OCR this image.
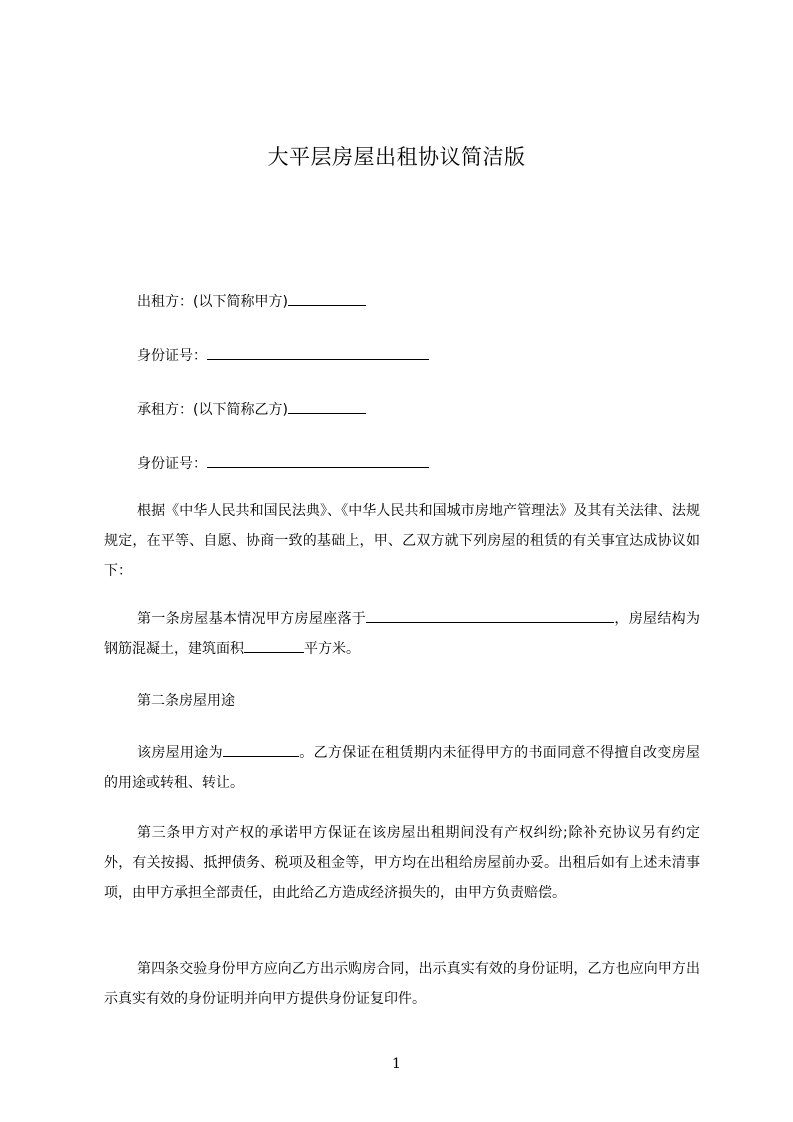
大平层房屋出租协议简洁版
出租方：(以下简称甲方)
身份证号：
承租方：(以下简称乙方)
身份证号：
根据《中华人民共和国民法典》、《中华人民共和国城市房地产管理法》及其有关法律、法规规定，在平等、自愿、协商一致的基础上，甲、乙双方就下列房屋的租赁的有关事宜达成协议如下：
第一条房屋基本情况甲方房屋座落于	，房屋结构为钢筋混凝土，建筑面积	平方米。
第二条房屋用途
该房屋用途为	。乙方保证在租赁期内未征得甲方的书面同意不得擅自改变房屋的用途或转租、转让。
第三条甲方对产权的承诺甲方保证在该房屋出租期间没有产权纠纷;除补充协议另有约定外，有关按揭、抵押债务、税项及租金等，甲方均在出租给房屋前办妥。出租后如有上述未清事项，由甲方承担全部责任，由此给乙方造成经济损失的，由甲方负责赔偿。
第四条交验身份甲方应向乙方出示购房合同，出示真实有效的身份证明，乙方也应向甲方出示真实有效的身份证明并向甲方提供身份证复印件。
1
